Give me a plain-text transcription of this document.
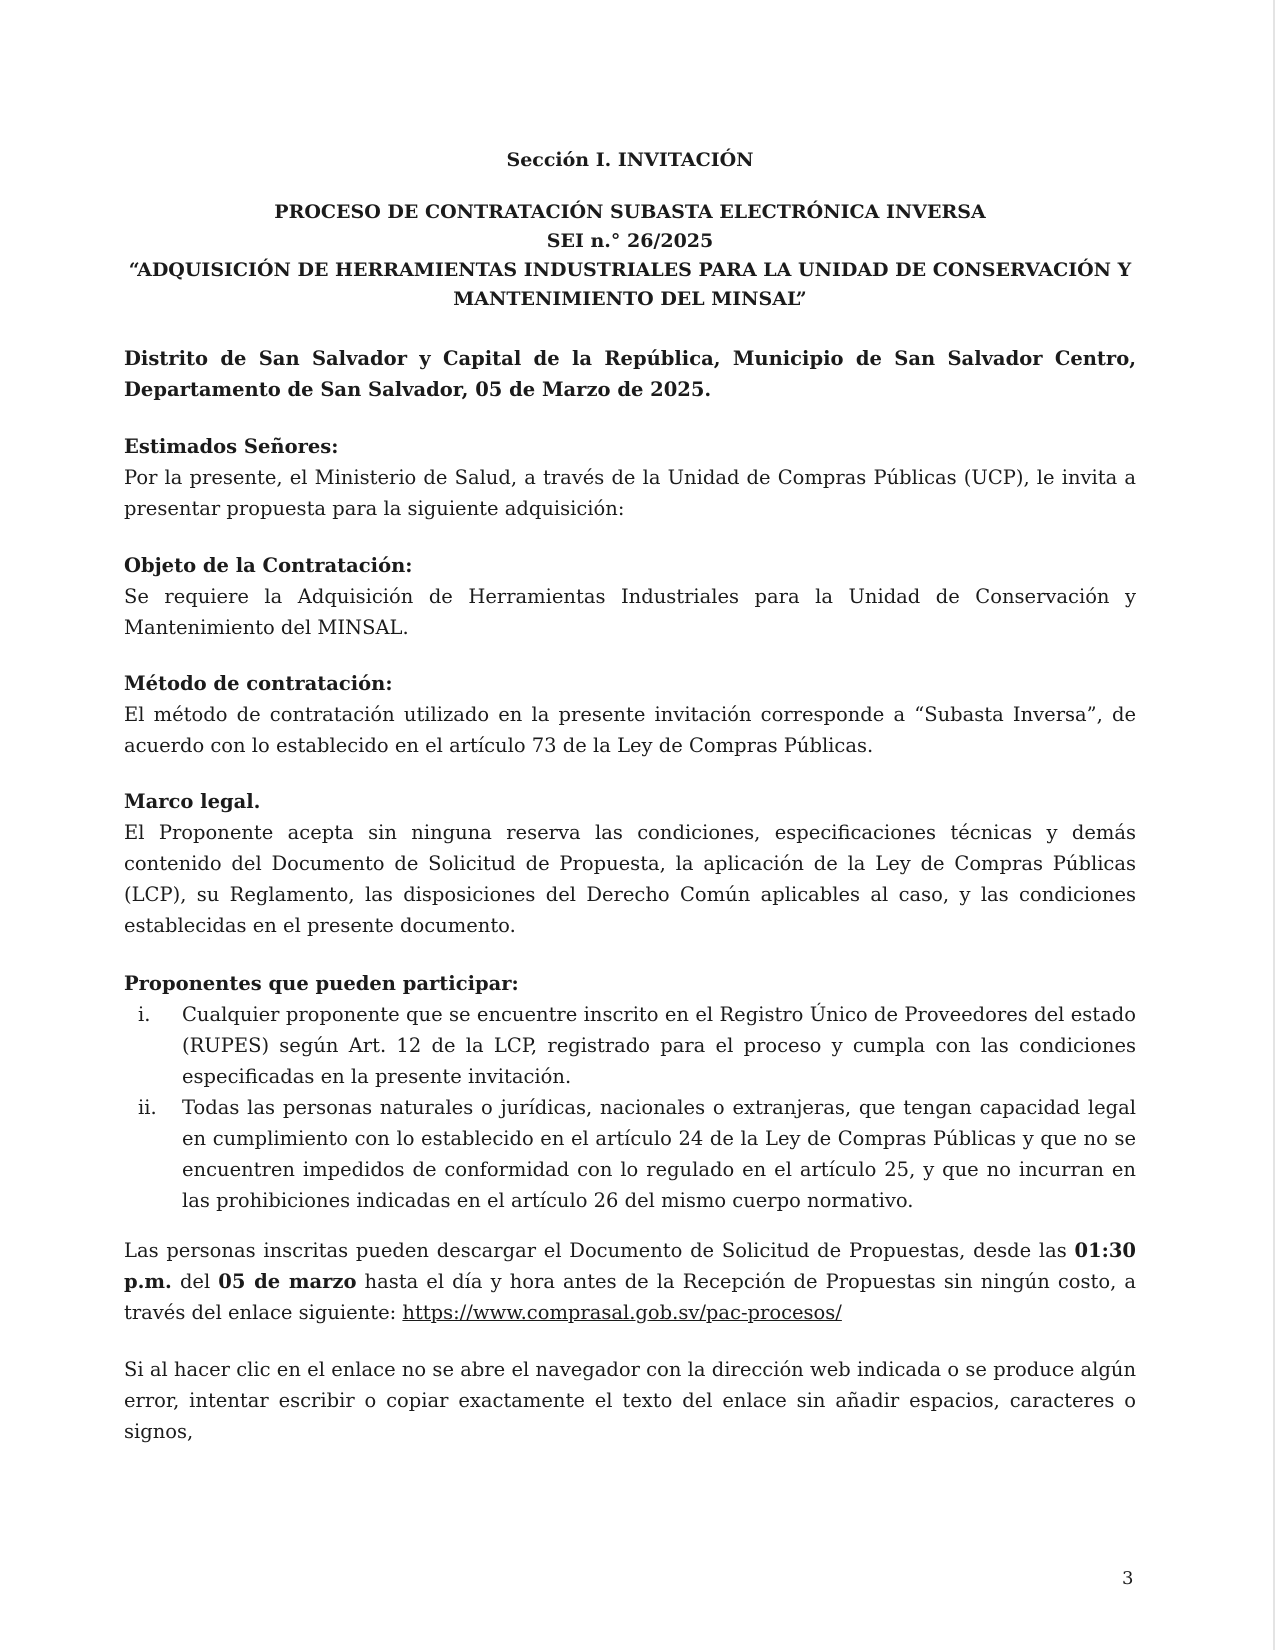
Sección I. INVITACIÓN
PROCESO DE CONTRATACIÓN SUBASTA ELECTRÓNICA INVERSA
SEI n.° 26/2025
“ADQUISICIÓN DE HERRAMIENTAS INDUSTRIALES PARA LA UNIDAD DE CONSERVACIÓN Y
MANTENIMIENTO DEL MINSAL”
Distrito de San Salvador y Capital de la República, Municipio de San Salvador Centro, Departamento de San Salvador, 05 de Marzo de 2025.
Estimados Señores:
Por la presente, el Ministerio de Salud, a través de la Unidad de Compras Públicas (UCP), le invita a presentar propuesta para la siguiente adquisición:
Objeto de la Contratación:
Se requiere la Adquisición de Herramientas Industriales para la Unidad de Conservación y Mantenimiento del MINSAL.
Método de contratación:
El método de contratación utilizado en la presente invitación corresponde a “Subasta Inversa”, de acuerdo con lo establecido en el artículo 73 de la Ley de Compras Públicas.
Marco legal.
El Proponente acepta sin ninguna reserva las condiciones, especificaciones técnicas y demás contenido del Documento de Solicitud de Propuesta, la aplicación de la Ley de Compras Públicas (LCP), su Reglamento, las disposiciones del Derecho Común aplicables al caso, y las condiciones establecidas en el presente documento.
Proponentes que pueden participar:
i. Cualquier proponente que se encuentre inscrito en el Registro Único de Proveedores del estado (RUPES) según Art. 12 de la LCP, registrado para el proceso y cumpla con las condiciones especificadas en la presente invitación.
ii. Todas las personas naturales o jurídicas, nacionales o extranjeras, que tengan capacidad legal en cumplimiento con lo establecido en el artículo 24 de la Ley de Compras Públicas y que no se encuentren impedidos de conformidad con lo regulado en el artículo 25, y que no incurran en las prohibiciones indicadas en el artículo 26 del mismo cuerpo normativo.
Las personas inscritas pueden descargar el Documento de Solicitud de Propuestas, desde las 01:30 p.m. del 05 de marzo hasta el día y hora antes de la Recepción de Propuestas sin ningún costo, a través del enlace siguiente: https://www.comprasal.gob.sv/pac-procesos/
Si al hacer clic en el enlace no se abre el navegador con la dirección web indicada o se produce algún error, intentar escribir o copiar exactamente el texto del enlace sin añadir espacios, caracteres o signos,
3
